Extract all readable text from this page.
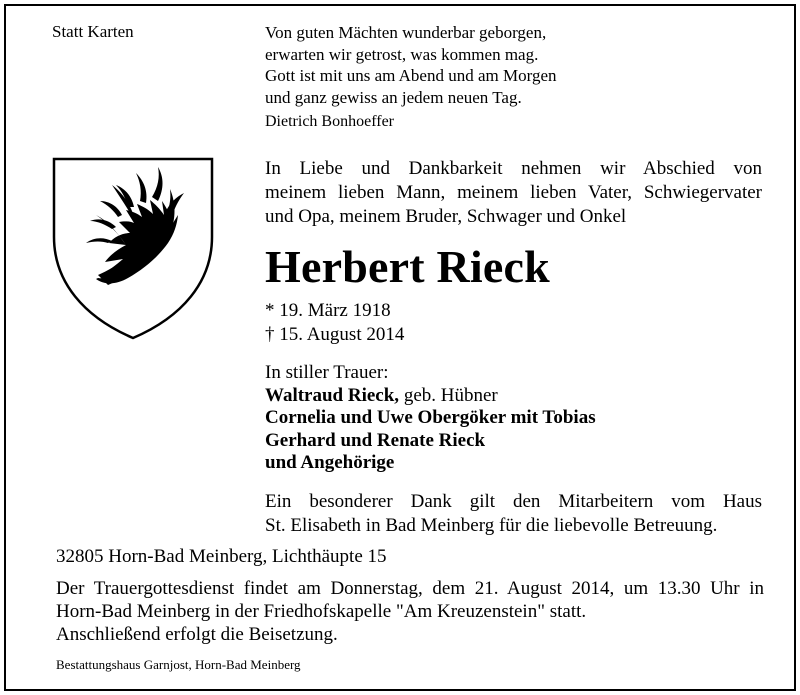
Statt Karten	Von guten Mächten wunderbar geborgen,
erwarten wir getrost, was kommen mag.
Gott ist mit uns am Abend und am Morgen
und ganz gewiss an jedem neuen Tag.
Dietrich Bonhoeffer
In Liebe und Dankbarkeit nehmen wir Abschied von
meinem lieben Mann, meinem lieben Vater, Schwiegervater
und Opa, meinem Bruder, Schwager und Onkel
Herbert Rieck
* 19. März 1918
† 15. August 2014
In stiller Trauer:
Waltraud Rieck, geb. Hübner
Cornelia und Uwe Obergöker mit Tobias
Gerhard und Renate Rieck
und Angehörige
Ein besonderer Dank gilt den Mitarbeitern vom Haus
St. Elisabeth in Bad Meinberg für die liebevolle Betreuung.
32805 Horn-Bad Meinberg, Lichthäupte 15
Der Trauergottesdienst findet am Donnerstag, dem 21. August 2014, um 13.30 Uhr in
Horn-Bad Meinberg in der Friedhofskapelle "Am Kreuzenstein" statt.
Anschließend erfolgt die Beisetzung.
Bestattungshaus Garnjost, Horn-Bad Meinberg
